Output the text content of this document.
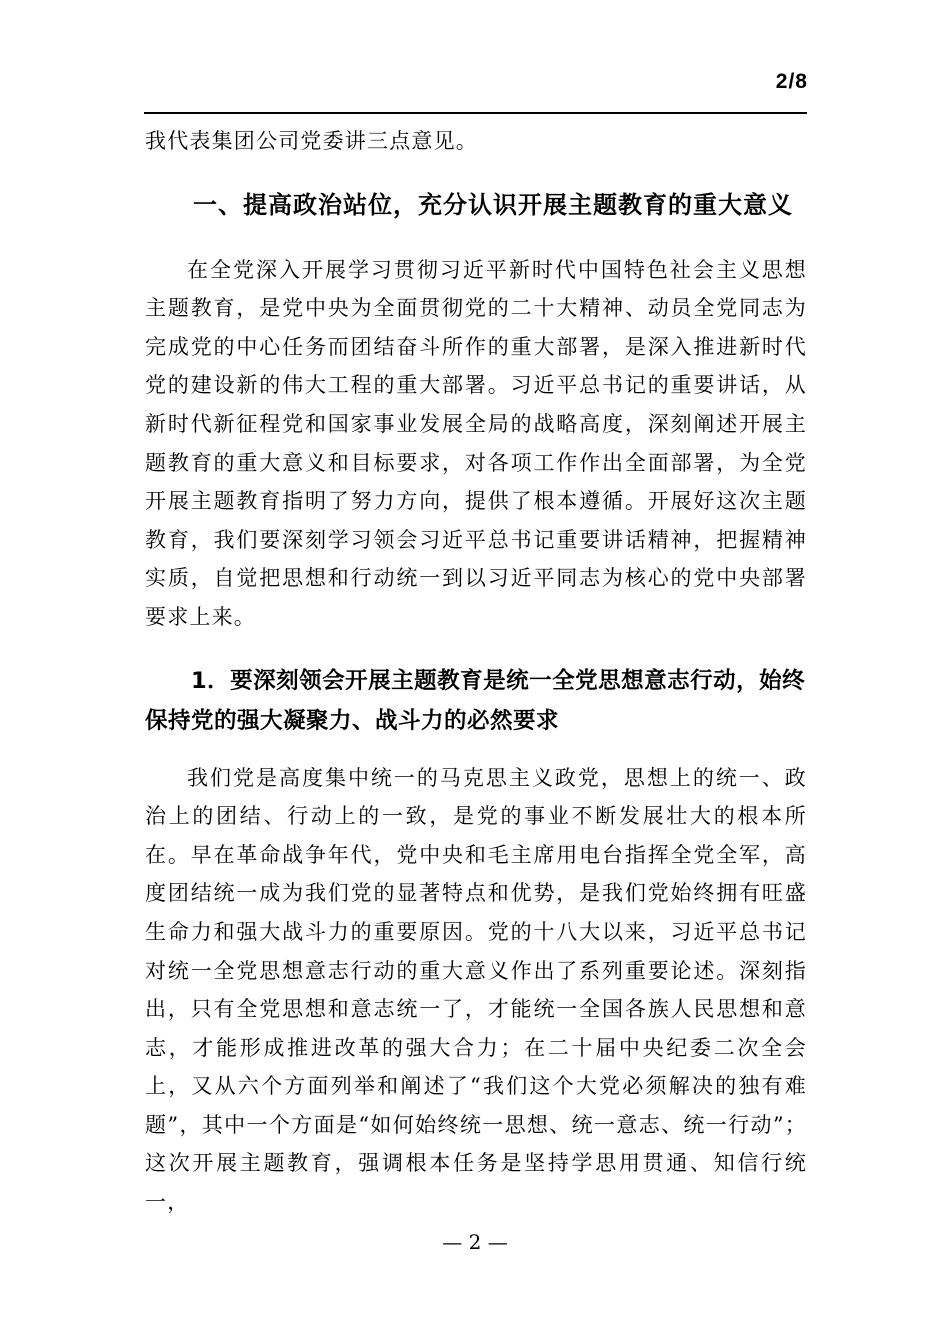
2/8

我代表集团公司党委讲三点意见。

一、提高政治站位，充分认识开展主题教育的重大意义

在全党深入开展学习贯彻习近平新时代中国特色社会主义思想主题教育，是党中央为全面贯彻党的二十大精神、动员全党同志为完成党的中心任务而团结奋斗所作的重大部署，是深入推进新时代党的建设新的伟大工程的重大部署。习近平总书记的重要讲话，从新时代新征程党和国家事业发展全局的战略高度，深刻阐述开展主题教育的重大意义和目标要求，对各项工作作出全面部署，为全党开展主题教育指明了努力方向，提供了根本遵循。开展好这次主题教育，我们要深刻学习领会习近平总书记重要讲话精神，把握精神实质，自觉把思想和行动统一到以习近平同志为核心的党中央部署要求上来。

1．要深刻领会开展主题教育是统一全党思想意志行动，始终保持党的强大凝聚力、战斗力的必然要求

我们党是高度集中统一的马克思主义政党，思想上的统一、政治上的团结、行动上的一致，是党的事业不断发展壮大的根本所在。早在革命战争年代，党中央和毛主席用电台指挥全党全军，高度团结统一成为我们党的显著特点和优势，是我们党始终拥有旺盛生命力和强大战斗力的重要原因。党的十八大以来，习近平总书记对统一全党思想意志行动的重大意义作出了系列重要论述。深刻指出，只有全党思想和意志统一了，才能统一全国各族人民思想和意志，才能形成推进改革的强大合力；在二十届中央纪委二次全会上，又从六个方面列举和阐述了“我们这个大党必须解决的独有难题”，其中一个方面是“如何始终统一思想、统一意志、统一行动”；这次开展主题教育，强调根本任务是坚持学思用贯通、知信行统一，

— 2 —
